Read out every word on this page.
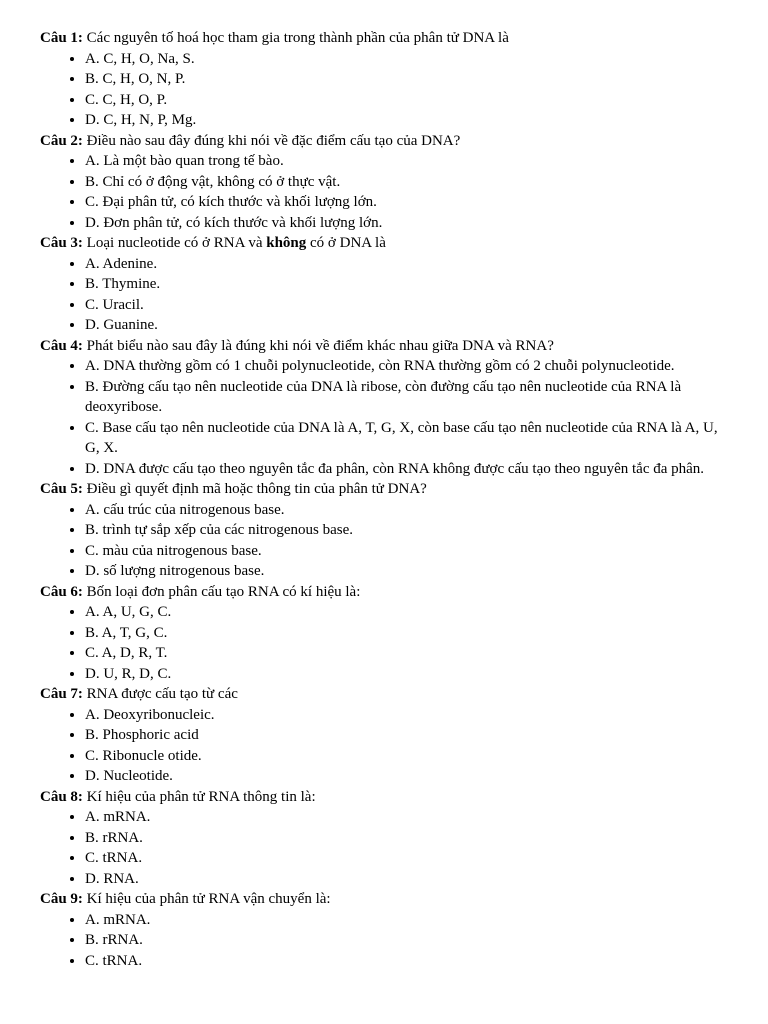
Câu 1: Các nguyên tố hoá học tham gia trong thành phần của phân tử DNA là
• A. C, H, O, Na, S.
• B. C, H, O, N, P.
• C. C, H, O, P.
• D. C, H, N, P, Mg.
Câu 2: Điều nào sau đây đúng khi nói về đặc điểm cấu tạo của DNA?
• A. Là một bào quan trong tế bào.
• B. Chỉ có ở động vật, không có ở thực vật.
• C. Đại phân tử, có kích thước và khối lượng lớn.
• D. Đơn phân tử, có kích thước và khối lượng lớn.
Câu 3: Loại nucleotide có ở RNA và không có ở DNA là
• A. Adenine.
• B. Thymine.
• C. Uracil.
• D. Guanine.
Câu 4: Phát biểu nào sau đây là đúng khi nói về điểm khác nhau giữa DNA và RNA?
• A. DNA thường gồm có 1 chuỗi polynucleotide, còn RNA thường gồm có 2 chuỗi polynucleotide.
• B. Đường cấu tạo nên nucleotide của DNA là ribose, còn đường cấu tạo nên nucleotide của RNA là deoxyribose.
• C. Base cấu tạo nên nucleotide của DNA là A, T, G, X, còn base cấu tạo nên nucleotide của RNA là A, U, G, X.
• D. DNA được cấu tạo theo nguyên tắc đa phân, còn RNA không được cấu tạo theo nguyên tắc đa phân.
Câu 5: Điều gì quyết định mã hoặc thông tin của phân tử DNA?
• A. cấu trúc của nitrogenous base.
• B. trình tự sắp xếp của các nitrogenous base.
• C. màu của nitrogenous base.
• D. số lượng nitrogenous base.
Câu 6: Bốn loại đơn phân cấu tạo RNA có kí hiệu là:
• A. A, U, G, C.
• B. A, T, G, C.
• C. A, D, R, T.
• D. U, R, D, C.
Câu 7: RNA được cấu tạo từ các
• A. Deoxyribonucleic.
• B. Phosphoric acid
• C. Ribonucle otide.
• D. Nucleotide.
Câu 8: Kí hiệu của phân tử RNA thông tin là:
• A. mRNA.
• B. rRNA.
• C. tRNA.
• D. RNA.
Câu 9: Kí hiệu của phân tử RNA vận chuyển là:
• A. mRNA.
• B. rRNA.
• C. tRNA.
